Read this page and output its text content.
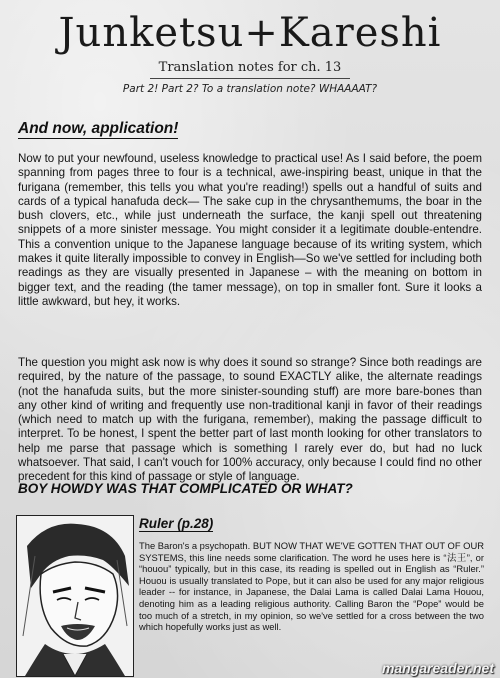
Junketsu+Kareshi
Translation notes for ch. 13
Part 2! Part 2? To a translation note? WHAAAAT?
And now, application!

Now to put your newfound, useless knowledge to practical use! As I said before, the poem spanning from pages three to four is a technical, awe-inspiring beast, unique in that the furigana (remember, this tells you what you're reading!) spells out a handful of suits and cards of a typical hanafuda deck— The sake cup in the chrysanthemums, the boar in the bush clovers, etc., while just underneath the surface, the kanji spell out threatening snippets of a more sinister message. You might consider it a legitimate double-entendre. This a convention unique to the Japanese language because of its writing system, which makes it quite literally impossible to convey in English—So we've settled for including both readings as they are visually presented in Japanese – with the meaning on bottom in bigger text, and the reading (the tamer message), on top in smaller font. Sure it looks a little awkward, but hey, it works.

The question you might ask now is why does it sound so strange? Since both readings are required, by the nature of the passage, to sound EXACTLY alike, the alternate readings (not the hanafuda suits, but the more sinister-sounding stuff) are more bare-bones than any other kind of writing and frequently use non-traditional kanji in favor of their readings (which need to match up with the furigana, remember), making the passage difficult to interpret. To be honest, I spent the better part of last month looking for other translators to help me parse that passage which is something I rarely ever do, but had no luck whatsoever. That said, I can't vouch for 100% accuracy, only because I could find no other precedent for this kind of passage or style of language.

BOY HOWDY WAS THAT COMPLICATED OR WHAT?
Ruler (p.28)

The Baron's a psychopath. BUT NOW THAT WE'VE GOTTEN THAT OUT OF OUR SYSTEMS, this line needs some clarification. The word he uses here is “法王”, or “houou” typically, but in this case, its reading is spelled out in English as “Ruler.” Houou is usually translated to Pope, but it can also be used for any major religious leader -- for instance, in Japanese, the Dalai Lama is called Dalai Lama Houou, denoting him as a leading religious authority. Calling Baron the “Pope” would be too much of a stretch, in my opinion, so we've settled for a cross between the two which hopefully works just as well.

mangareader.net
